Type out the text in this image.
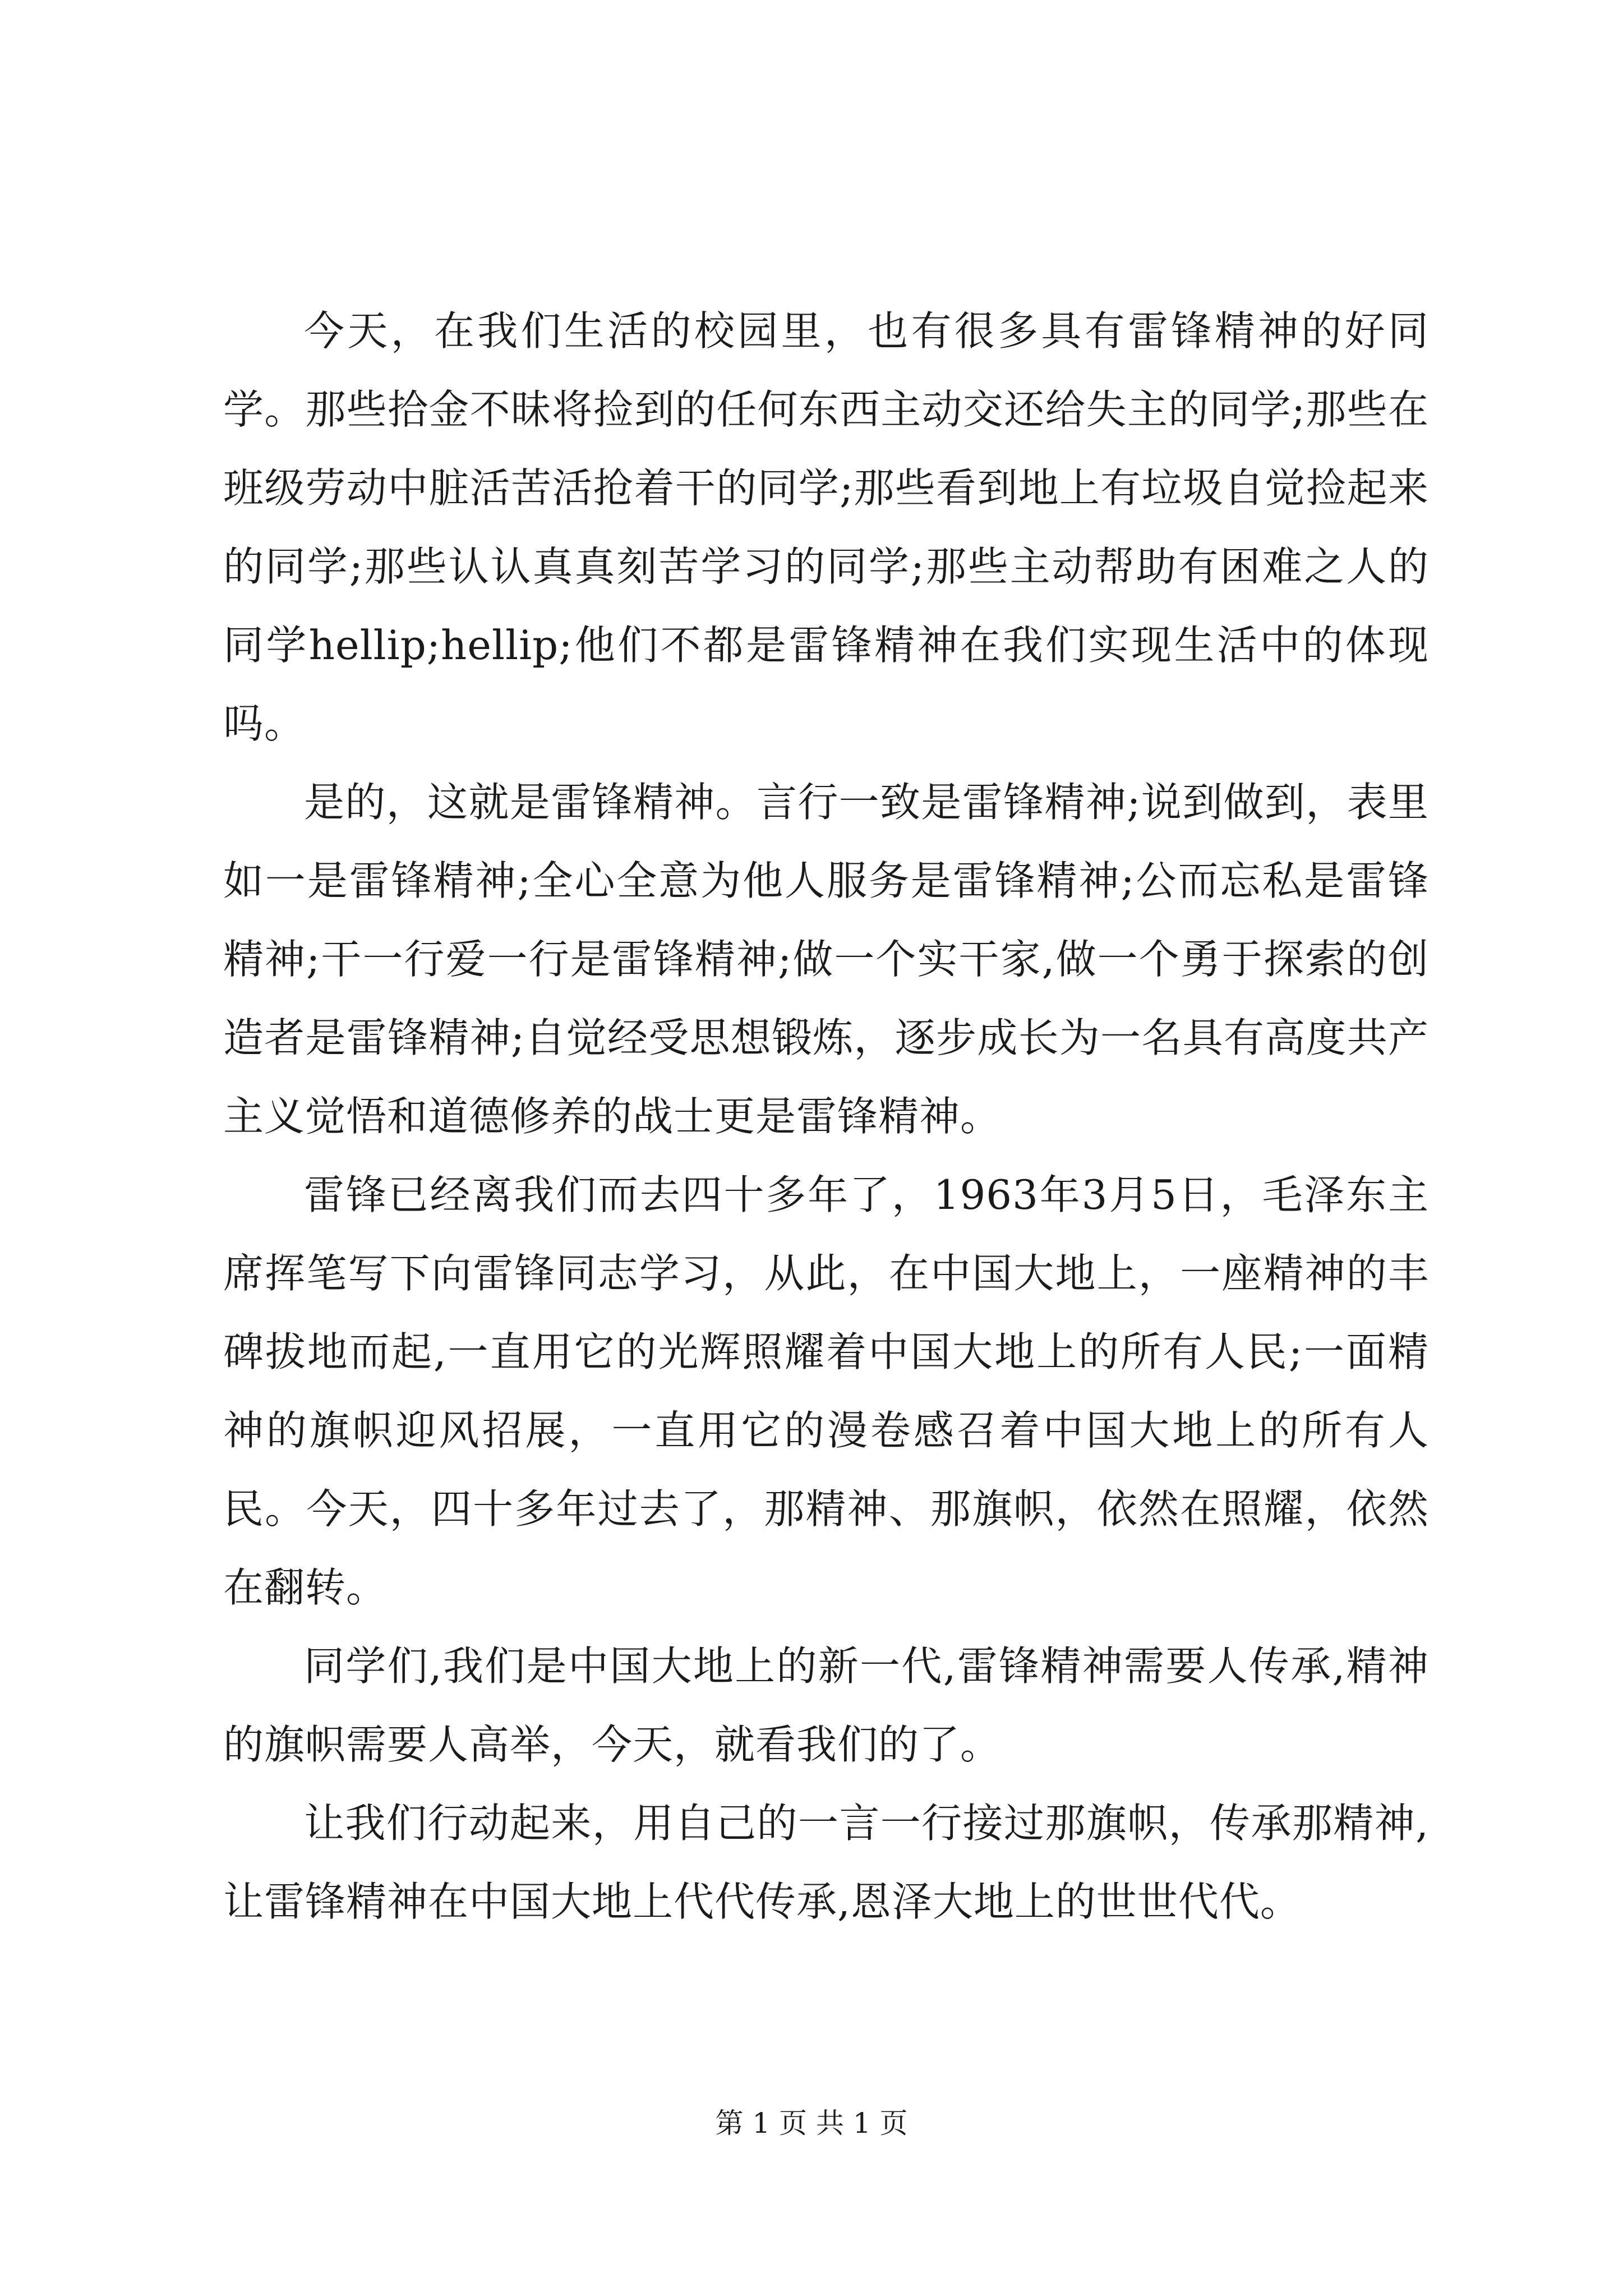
今天，在我们生活的校园里，也有很多具有雷锋精神的好同学。那些拾金不昧将捡到的任何东西主动交还给失主的同学;那些在班级劳动中脏活苦活抢着干的同学;那些看到地上有垃圾自觉捡起来的同学;那些认认真真刻苦学习的同学;那些主动帮助有困难之人的同学hellip;hellip;他们不都是雷锋精神在我们实现生活中的体现吗。

是的，这就是雷锋精神。言行一致是雷锋精神;说到做到，表里如一是雷锋精神;全心全意为他人服务是雷锋精神;公而忘私是雷锋精神;干一行爱一行是雷锋精神;做一个实干家,做一个勇于探索的创造者是雷锋精神;自觉经受思想锻炼，逐步成长为一名具有高度共产主义觉悟和道德修养的战士更是雷锋精神。

雷锋已经离我们而去四十多年了，1963年3月5日，毛泽东主席挥笔写下向雷锋同志学习，从此，在中国大地上，一座精神的丰碑拔地而起,一直用它的光辉照耀着中国大地上的所有人民;一面精神的旗帜迎风招展，一直用它的漫卷感召着中国大地上的所有人民。今天，四十多年过去了，那精神、那旗帜，依然在照耀，依然在翻转。

同学们,我们是中国大地上的新一代,雷锋精神需要人传承,精神的旗帜需要人高举，今天，就看我们的了。

让我们行动起来，用自己的一言一行接过那旗帜，传承那精神,让雷锋精神在中国大地上代代传承,恩泽大地上的世世代代。

第 1 页 共 1 页
